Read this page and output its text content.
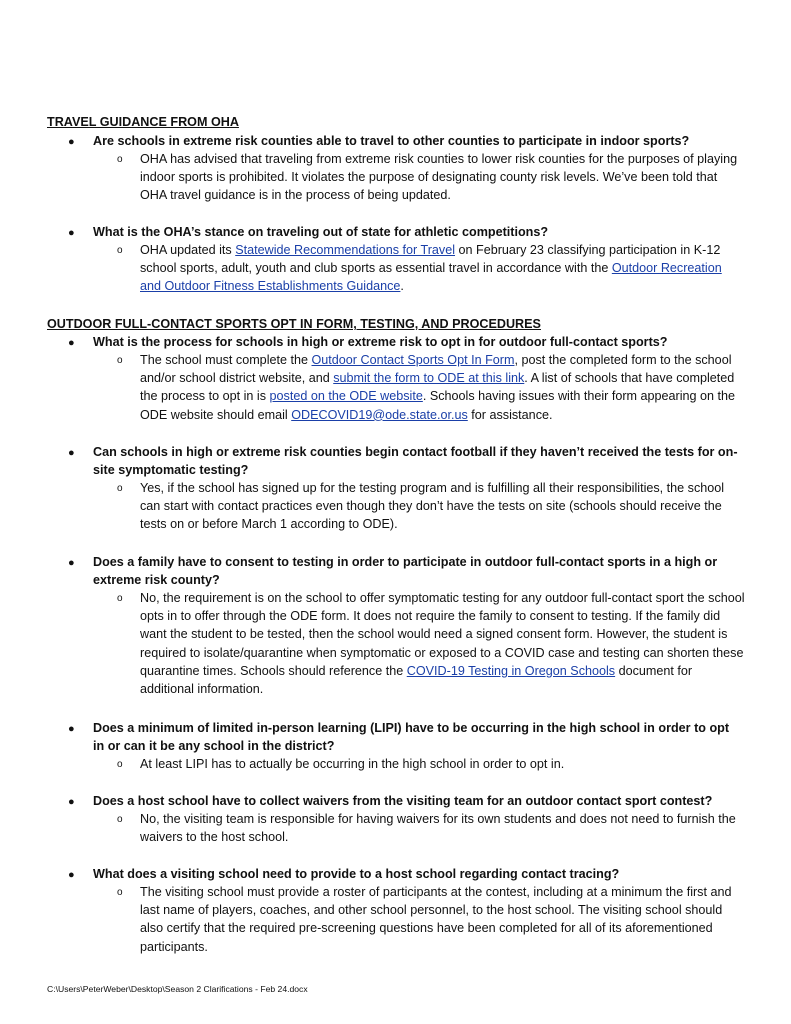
TRAVEL GUIDANCE FROM OHA
● Are schools in extreme risk counties able to travel to other counties to participate in indoor sports?
o OHA has advised that traveling from extreme risk counties to lower risk counties for the purposes of playing indoor sports is prohibited. It violates the purpose of designating county risk levels. We’ve been told that OHA travel guidance is in the process of being updated.
● What is the OHA’s stance on traveling out of state for athletic competitions?
o OHA updated its Statewide Recommendations for Travel on February 23 classifying participation in K-12 school sports, adult, youth and club sports as essential travel in accordance with the Outdoor Recreation and Outdoor Fitness Establishments Guidance.
OUTDOOR FULL-CONTACT SPORTS OPT IN FORM, TESTING, AND PROCEDURES
● What is the process for schools in high or extreme risk to opt in for outdoor full-contact sports?
o The school must complete the Outdoor Contact Sports Opt In Form, post the completed form to the school and/or school district website, and submit the form to ODE at this link. A list of schools that have completed the process to opt in is posted on the ODE website. Schools having issues with their form appearing on the ODE website should email ODECOVID19@ode.state.or.us for assistance.
● Can schools in high or extreme risk counties begin contact football if they haven’t received the tests for on-site symptomatic testing?
o Yes, if the school has signed up for the testing program and is fulfilling all their responsibilities, the school can start with contact practices even though they don’t have the tests on site (schools should receive the tests on or before March 1 according to ODE).
● Does a family have to consent to testing in order to participate in outdoor full-contact sports in a high or extreme risk county?
o No, the requirement is on the school to offer symptomatic testing for any outdoor full-contact sport the school opts in to offer through the ODE form. It does not require the family to consent to testing. If the family did want the student to be tested, then the school would need a signed consent form. However, the student is required to isolate/quarantine when symptomatic or exposed to a COVID case and testing can shorten these quarantine times. Schools should reference the COVID-19 Testing in Oregon Schools document for additional information.
● Does a minimum of limited in-person learning (LIPI) have to be occurring in the high school in order to opt in or can it be any school in the district?
o At least LIPI has to actually be occurring in the high school in order to opt in.
● Does a host school have to collect waivers from the visiting team for an outdoor contact sport contest?
o No, the visiting team is responsible for having waivers for its own students and does not need to furnish the waivers to the host school.
● What does a visiting school need to provide to a host school regarding contact tracing?
o The visiting school must provide a roster of participants at the contest, including at a minimum the first and last name of players, coaches, and other school personnel, to the host school. The visiting school should also certify that the required pre-screening questions have been completed for all of its aforementioned participants.
C:\Users\PeterWeber\Desktop\Season 2 Clarifications - Feb 24.docx
